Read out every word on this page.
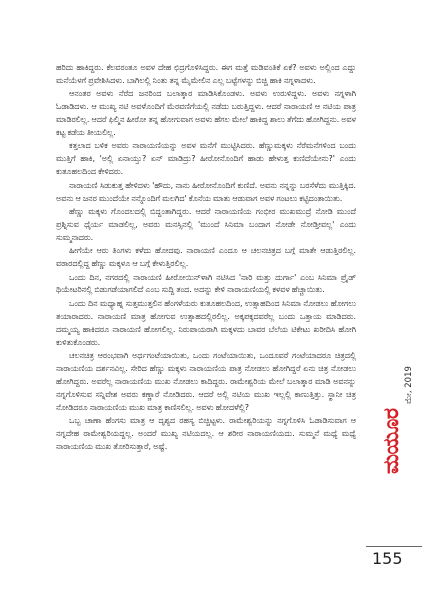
ಹರಿದು ಹಾಕಿದ್ದರು. ಕೆಲವರಂತೂ ಅವಳ ದೇಹ ಛಿದ್ರಗೊಳಿಸಿದ್ದರು. ಈಗ ಮತ್ತೆ ಮಡಿವಂತಿಕೆ ಏಕೆ? ಅವಳು ಅಲ್ಲಿಂದ ಎದ್ದು ಮನೆಯೆಳಗೆ ಪ್ರವೇಶಿಸಿದಳು. ಬಾಗಿಲಲ್ಲಿ ನಿಂತು ತನ್ನ ಮೈಮೇಲಿನ ಎಲ್ಲ ಬಟ್ಟೆಗಳನ್ನು ಬಿಚ್ಚಿ ಹಾಕಿ ನಗ್ನಳಾದಳು.

ಆನಂತರ ಅವಳು ನೆರೆದ ಜನರಿಂದ ಬಲಾತ್ಕಾರ ಮಾಡಿಸಿಕೊಂಡಳು. ಅವಳು ಉರುಳಿದ್ದಳು. ಅವಳು ನಗ್ನಳಾಗಿ ಓಡಾಡಿದಳು. ಆ ಮುಖ್ಯ ನಟಿ ಅವಳೊಂದಿಗೆ ಮೆರವಣಿಗೆಯಲ್ಲಿ ನಡೆದು ಬರುತ್ತಿದ್ದಳು. ಆದರೆ ನಾರಾಯಣಿ ಆ ನಟಿಯ ಪಾತ್ರ ಮಾಡಿರಲಿಲ್ಲ. ಆದರೆ ಫಿಲ್ಮಿನ ಹೀರೋ ತನ್ನ ಹೋಗುವಾಗ ಅವಳು ಹೆಗಲ ಮೇಲೆ ಹಾಕಿದ್ದ ಶಾಲು ತೆಗೆದು ಹೋಗಿದ್ದನು. ಅವಳ ಕಟ್ಟ ಕಡೆಯ ತೀಯಲಿಲ್ಲ.

ಕತ್ತಲಾದ ಬಳಿಕ ಅವರು ನಾರಾಯಣಿಯನ್ನು ಅವಳ ಮನೆಗೆ ಮುಟ್ಟಿಸಿದರು. ಹೆಣ್ಣುಮಕ್ಕಳು ನೆರೆಮನೆಗಳಿಂದ ಬಂದು ಮುತ್ತಿಗೆ ಹಾಕಿ, 'ಅಲ್ಲಿ ಏನಾಯ್ತು? ಏನ್ ಮಾಡಿದ್ರು? ಹೀರೋನೊಂದಿಗೆ ಹಾಡು ಹೇಳುತ್ತ ಕುಣಿದೆಯೇನು?' ಎಂದು ಕುತೂಹಲದಿಂದ ಕೇಳಿದರು.

ನಾರಾಯಣಿ ಸಿಡುಕುತ್ತ ಹೇಳಿದಳು 'ಹೌದು, ನಾನು ಹೀರೋನೊಂದಿಗೆ ಕುಣಿದೆ. ಅವನು ನನ್ನನ್ನು ಬರಸೆಳೆದು ಮುತ್ತಿಕ್ಕಿದ. ಅವನು ಆ ಜನರ ಮುಂದೆಯೇ ನನ್ನೊಂದಿಗೆ ಮಲಗಿದ' ಕೊನೆಯ ಮಾತು ಆಡುವಾಗ ಅವಳ ಗಂಟಲು ಕಟ್ಟಿದಂತಾಯಿತು.

ಹೆಣ್ಣು ಮಕ್ಕಳು ಗೊಂದಲದಲ್ಲಿ ಬಿದ್ದಂತಾಗಿದ್ದರು. ಆದರೆ ನಾರಾಯಣಿಯ ಗಂಭೀರ ಮುಖಮುದ್ರೆ ನೋಡಿ ಮುಂದೆ ಪ್ರಶ್ನಿಸುವ ಧೈರ್ಯ ಮಾಡಲಿಲ್ಲ, ಅವರು ಮನಸ್ಸಿನಲ್ಲಿ 'ಮುಂದೆ ಸಿನಿಮಾ ಬಂದಾಗ ನೋಡೇ ನೋಡ್ತೀವಲ್ಲ' ಎಂದು ಸುಮ್ಮನಾದರು.

ಹೀಗೆಯೇ ಆರು ತಿಂಗಳು ಕಳೆದು ಹೋದವು. ನಾರಾಯಣಿ ಎಂದೂ ಆ ಚಲನಚಿತ್ರದ ಬಗ್ಗೆ ಮಾತೇ ಆಡುತ್ತಿರಲಿಲ್ಲ. ವಠಾರದಲ್ಲಿದ್ದ ಹೆಣ್ಣು ಮಕ್ಕಳೂ ಆ ಬಗ್ಗೆ ಕೇಳುತ್ತಿರಲಿಲ್ಲ.

ಒಂದು ದಿನ, ನಗರದಲ್ಲಿ ನಾರಾಯಣಿ ಹೀರೋಯಿನ್‌ಳಾಗಿ ನಟಿಸಿದ 'ನಾರಿ ಮತ್ತು ದುರ್ಗಾ' ಎಂಬ ಸಿನಿಮಾ ಪ್ರೈಡ್ ಥಿಯೇಟರಿನಲ್ಲಿ ಬಿಡುಗಡೆಯಾಗಲಿದೆ ಎಂಬ ಸುದ್ದಿ ತಂದ. ಅದನ್ನು ಕೇಳಿ ನಾರಾಯಣಿಯಲ್ಲಿ ಕಳವಳ ಹೆಚ್ಚಾಯಿತು.

ಒಂದು ದಿನ ಮಧ್ಯಾಹ್ನ ಸುತ್ತಮುತ್ತಲಿನ ಹೆಂಗಳೆಯರು ಕುತೂಹಲದಿಂದ, ಉತ್ಸಾಹದಿಂದ ಸಿನಿಮಾ ನೋಡಲು ಹೋಗಲು ತಯಾರಾದರು. ನಾರಾಯಣಿ ಮಾತ್ರ ಹೋಗುವ ಉತ್ಸಾಹದಲ್ಲಿರಲಿಲ್ಲ. ಅಕ್ಕಪಕ್ಕದವರೆಲ್ಲ ಬಂದು ಒತ್ತಾಯ ಮಾಡಿದರು. ದಮ್ಮಯ್ಯ ಹಾಕಿದರೂ ನಾರಾಯಣಿ ಹೋಗಲಿಲ್ಲ. ನಿರುಪಾಯರಾಗಿ ಮಕ್ಕಳದು ಬಾವರ ಬೆಲೆಯ ಟಿಕೇಟು ಖರೀದಿಸಿ ಹೋಗಿ ಕುಳಿತುಕೊಂಡರು.

ಚಲನಚಿತ್ರ ಆರಂಭವಾಗಿ ಅರ್ಧಗಂಟೆಯಾಯಿತು, ಒಂದು ಗಂಟೆಯಾಯಿತು, ಒಂದೂವರೆ ಗಂಟೆಯಾದರೂ ಚಿತ್ರದಲ್ಲಿ ನಾರಾಯಣಿಯ ದರ್ಶನವಿಲ್ಲ. ಸೇರಿದ ಹೆಣ್ಣು ಮಕ್ಕಳು ನಾರಾಯಣಿಯ ಪಾತ್ರ ನೋಡಲು ಹೋಗಿದ್ದರೆ ಏನು ಚಿತ್ರ ನೋಡಲು ಹೋಗಿದ್ದರು. ಅವರೆಲ್ಲ ನಾರಾಯಣಿಯ ಮುಖ ನೋಡಲು ಕಾದಿದ್ದರು. ರಾಮೇಶ್ವರಿಯ ಮೇಲೆ ಬಲಾತ್ಕಾರ ಮಾಡಿ ಅವನನ್ನು ನಗ್ನಗೊಳಿಸುವ ಸನ್ನಿವೇಶ ಅವರು ಕಣ್ಣಾರೆ ನೋಡಿದರು. ಆದರೆ ಅಲ್ಲಿ ನಟಿಯ ಮುಖ ಇಲ್ಲಲ್ಲಿ ಕಾಣುತ್ತಿತ್ತು. ಸ್ಥಾನೀ ಚಿತ್ರ ನೋಡಿದರೂ ನಾರಾಯಣಿಯ ಮುಖ ಮಾತ್ರ ಕಾಣಿಸಲಿಲ್ಲ. ಅವಳು ಹೋದಳೆಲ್ಲಿ?

ಒಬ್ಬ ಚಾಣಾ ಹೆಂಗಸು ಮಾತ್ರ ಆ ದೃಶ್ಯದ ರಹಸ್ಯ ಬಿಚ್ಚಿಟ್ಟಳು. ರಾಮೇಶ್ವರಿಯನ್ನು ನಗ್ನಗೊಳಿಸಿ ಓಡಾಡಿಸುವಾಗ ಆ ನಗ್ನದೇಹ ರಾಮೇಶ್ವರಿಯದ್ದಲ್ಲ. ಅಂದರೆ ಮುಖ್ಯ ನಟಿಯದಲ್ಲ. ಆ ಶರೀರ ನಾರಾಯಣಿಯದು. ಸುಮ್ಮನೆ ಮಧ್ಯೆ ಮಧ್ಯೆ ನಾರಾಯಣಿಯ ಮುಖ ತೋರಿಸುತ್ತಾರೆ, ಅಷ್ಟೆ.	ಮಯೂರ
ಮೇ, 2019
155
